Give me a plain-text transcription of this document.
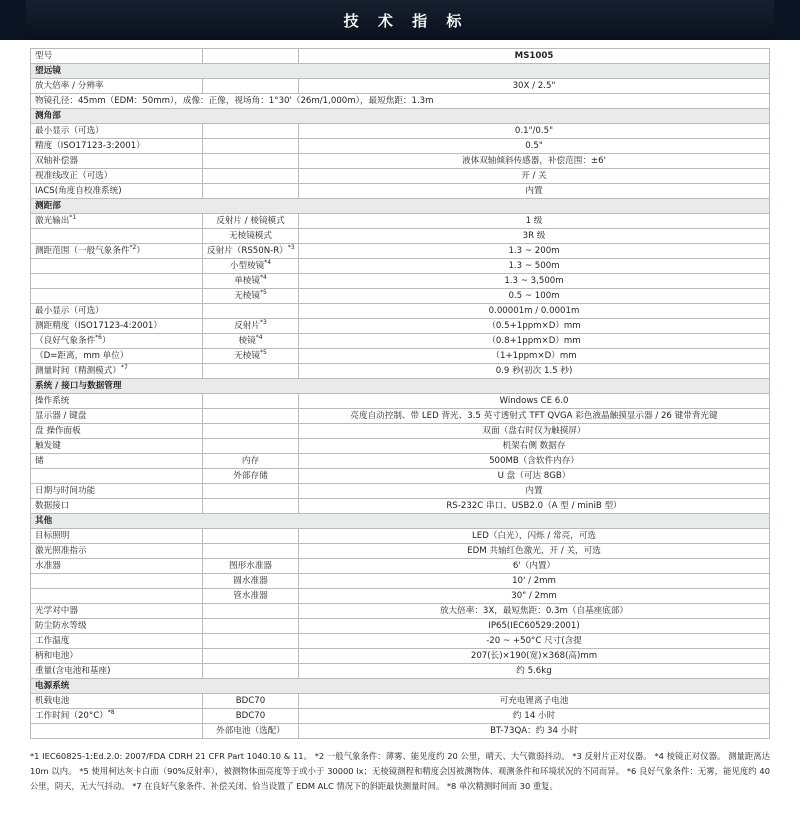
技 术 指 标
型号		MS1005
望远镜		
放大倍率 / 分辨率		30X / 2.5"
物镜孔径：45mm（EDM：50mm），成像：正像，视场角：1°30'（26m/1,000m），最短焦距：1.3m		
测角部		
最小显示（可选）		0.1"/0.5"
精度（ISO17123-3:2001）		0.5"
双轴补偿器		液体双轴倾斜传感器，补偿范围：±6'
视准线改正（可选）		开 / 关
IACS(角度自校准系统)		内置
测距部		
激光输出$^{*1}$	反射片 / 棱镜模式	1 级
	无棱镜模式	3R 级
测距范围（一般气象条件$^{*2}$）	反射片$(RS50N-R)^{*3}$	1.3 ~ 200m
	小型棱镜$^{*4}$	1.3 ~ 500m
	单棱镜$^{*4}$	1.3 ~ 3,500m
	无棱镜$^{*5}$	0.5 ~ 100m
最小显示（可选）		0.00001m / 0.0001m
测距精度（ISO17123-4:2001）	反射片$^{*3}$	（0.5+1ppm×D）mm
（良好气象条件$^{*6}$）	棱镜$^{*4}$	（0.8+1ppm×D）mm
（D=距离，mm 单位）	无棱镜$^{*5}$	（1+1ppm×D）mm
测量时间（精测模式）$^{*7}$		0.9 秒(初次 1.5 秒)
系统 / 接口与数据管理		
操作系统		Windows CE 6.0
显示器 / 键盘		亮度自动控制、带 LED 背光、3.5 英寸透射式 TFT QVGA 彩色液晶触摸显示器 / 26 键带背光键
盘 操作面板		双面（盘右时仅为触摸屏）
触发键		机架右侧 数据存
储	内存	500MB（含软件内存）
	外部存储	U 盘（可达 8GB）
日期与时间功能		内置
数据接口		RS-232C 串口、USB2.0（A 型 / miniB 型）
其他		
目标照明		LED（白光），闪烁 / 常亮，可选
激光照准指示		EDM 共轴红色激光，开 / 关，可选
水准器	图形水准器	6'（内置）
	圆水准器	10' / 2mm
	管水准器	30" / 2mm
光学对中器		放大倍率：3X，最短焦距：0.3m（自基座底部）
防尘防水等级		IP65(IEC60529:2001)
工作温度		-20 ~ +50°C 尺寸(含提
柄和电池）		207(长)×190(宽)×368(高)mm
重量(含电池和基座)		约 5.6kg
电源系统		
机载电池	BDC70	可充电锂离子电池
工作时间$(20^\circ C)^{*8}$	BDC70	约 14 小时
	外部电池（选配）	BT-73QA：约 34 小时

*1 IEC60825-1:Ed.2.0: 2007/FDA CDRH 21 CFR Part 1040.10 & 11。 *2 一般气象条件：薄雾、能见度约 20 公里，晴天、大气微弱抖动。 *3 反射片正对仪器。 *4 棱镜正对仪器。 测量距离达 10m 以内。 *5 使用柯达灰卡白面（90%反射率），被测物体面亮度等于或小于 30000 lx；无棱镜测程和精度会因被测物体、观测条件和环境状况的不同而异。 *6 良好气象条件：无雾，能见度约 40 公里，阴天，无大气抖动。 *7 在良好气象条件、补偿关闭、恰当设置了 EDM ALC 情况下的斜距最快测量时间。 *8 单次精测时间而 30 重复。
